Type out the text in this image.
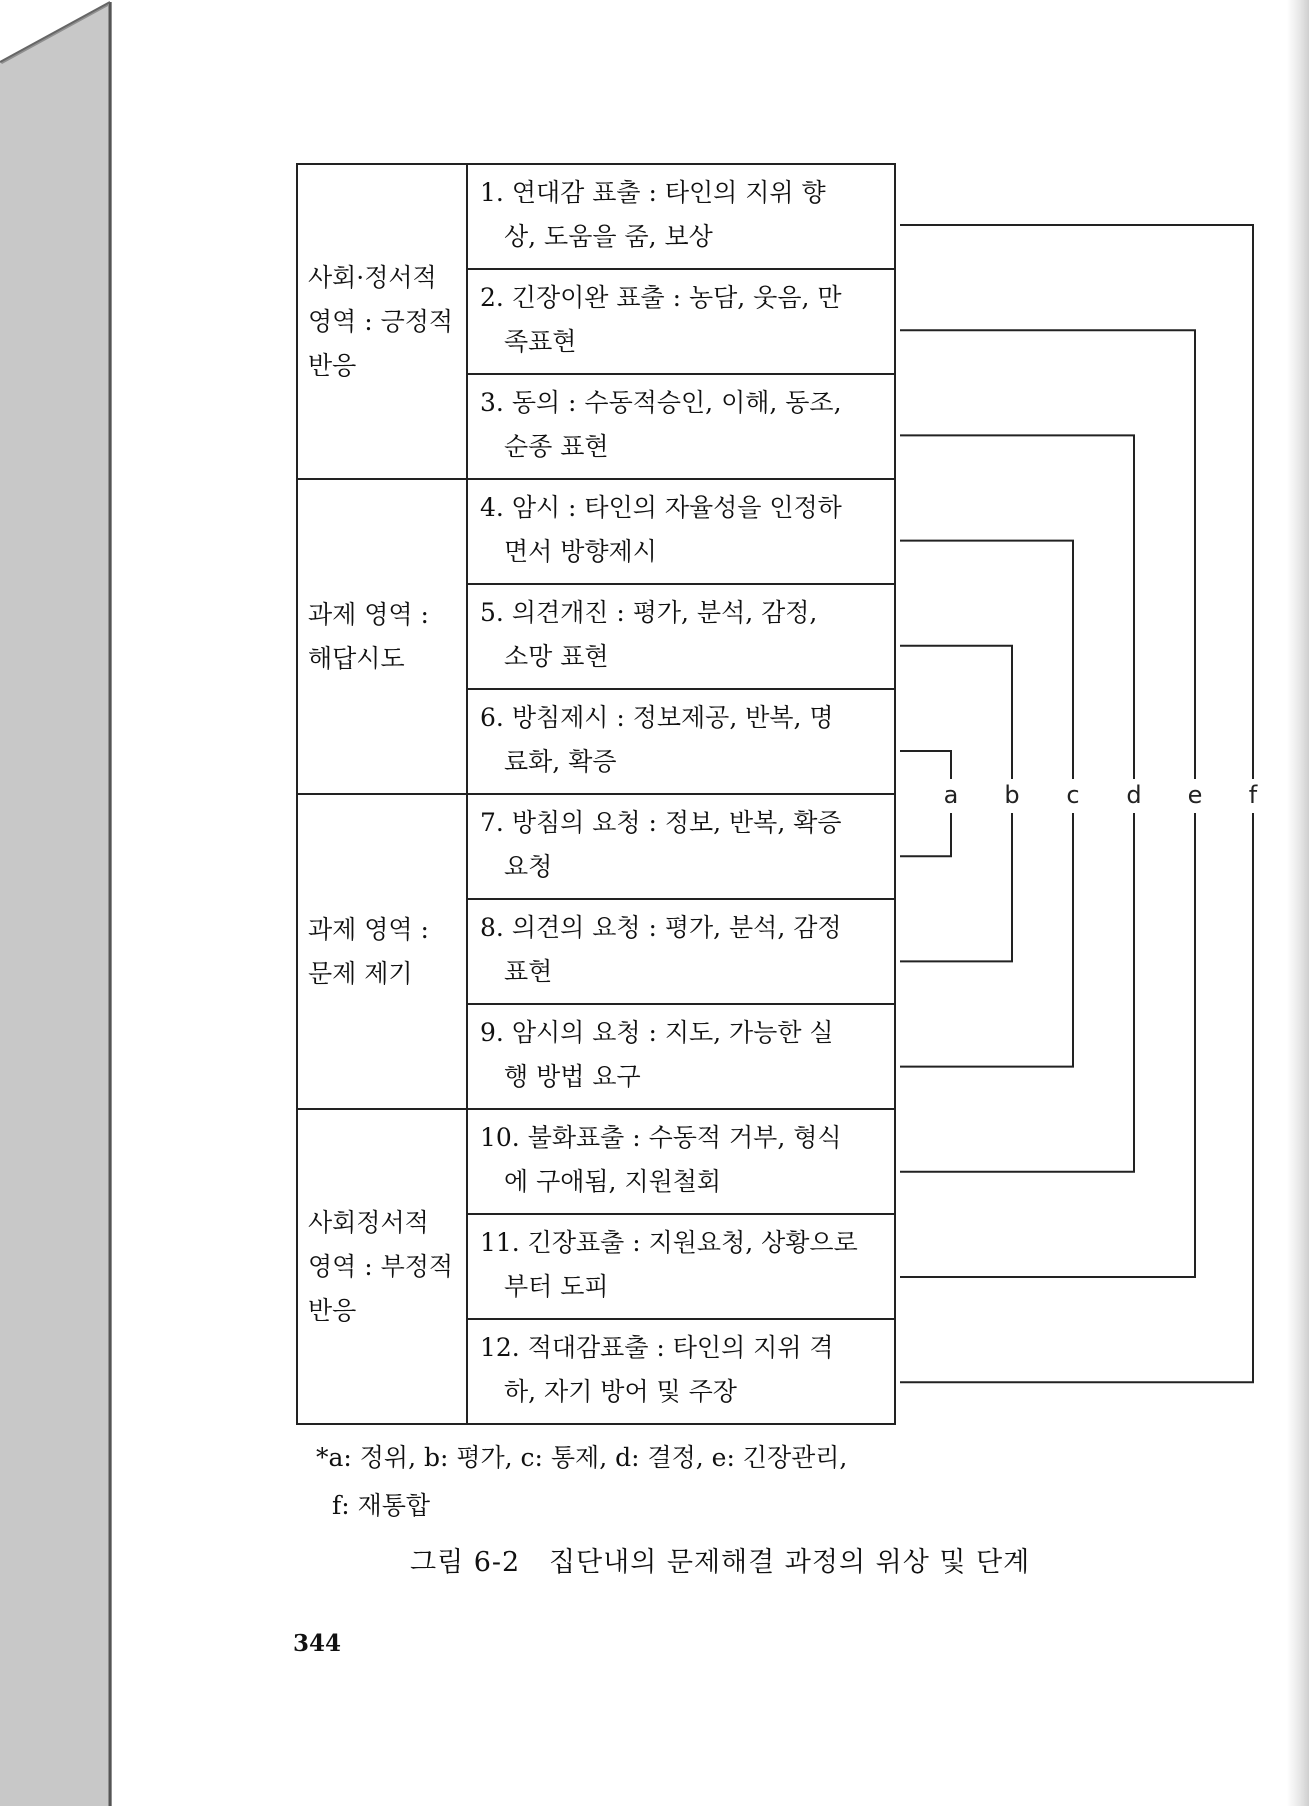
사회·정서적
영역 : 긍정적
반응	1. 연대감 표출 : 타인의 지위 향
상, 도움을 줌, 보상

	2. 긴장이완 표출 : 농담, 웃음, 만
족표현

	3. 동의 : 수동적승인, 이해, 동조,
순종 표현

과제 영역 :
해답시도	4. 암시 : 타인의 자율성을 인정하
면서 방향제시

	5. 의견개진 : 평가, 분석, 감정,
소망 표현

	6. 방침제시 : 정보제공, 반복, 명
료화, 확증

과제 영역 :
문제 제기	7. 방침의 요청 : 정보, 반복, 확증
요청

	8. 의견의 요청 : 평가, 분석, 감정
표현

	9. 암시의 요청 : 지도, 가능한 실
행 방법 요구

사회정서적
영역 : 부정적
반응	10. 불화표출 : 수동적 거부, 형식
에 구애됨, 지원철회

	11. 긴장표출 : 지원요청, 상황으로
부터 도피

	12. 적대감표출 : 타인의 지위 격
하, 자기 방어 및 주장
a b c d e f
*a: 정위, b: 평가, c: 통제, d: 결정, e: 긴장관리,
f: 재통합
그림 6-2   집단내의 문제해결 과정의 위상 및 단계
344
